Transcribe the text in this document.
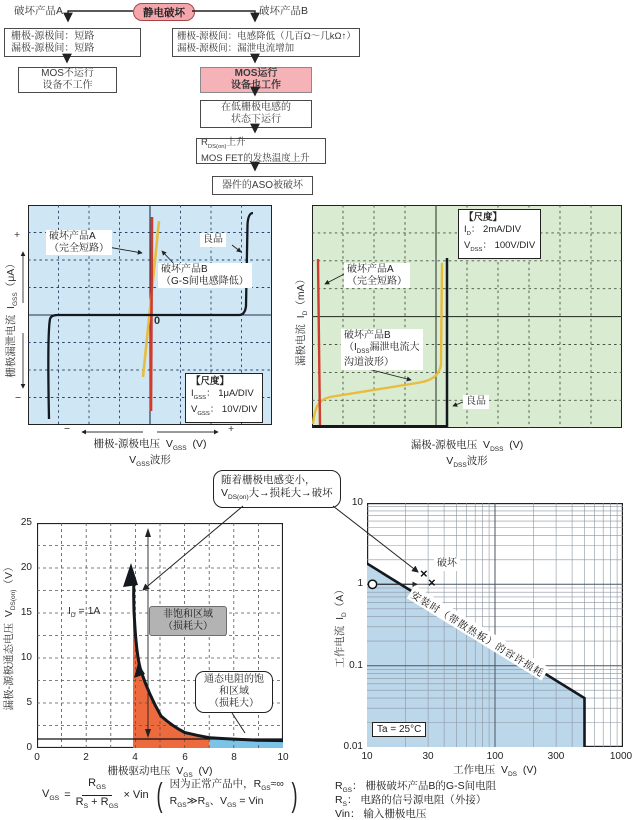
静电破坏
破坏产品A	破坏产品B
栅极-源极间：短路
漏极-源极间：短路
MOS不运行
设备不工作
栅极-源极间：电感降低（几百Ω～几kΩ↑）
漏极-源极间：漏泄电流增加
MOS运行
设备也工作
在低栅极电感的
状态下运行
$R_{DS(on)}$上升
MOS FET的发热温度上升
器件的ASO被破坏
破坏产品A
（完全短路）
破坏产品B
（G-S间电感降低）
良品
0
【尺度】
$I_{GSS}$： 1μA/DIV
$V_{GSS}$： 10V/DIV
+
−
栅极漏泄电流  $I_{GSS}(\mu A)$
−	+
栅极-源极电压  $V_{GSS}$  (V)
$V_{GSS}$波形
【尺度】
$I_D$： 2mA/DIV
$V_{DSS}$： 100V/DIV
破坏产品A
（完全短路）
破坏产品B
（$I_{DSS}$漏泄电流大
沟道波形）
良品
漏极电流  $I_D(mA)$
漏极-源极电压  $V_{DSS}$  (V)
$V_{DSS}$波形
随着栅极电感变小，
$V_{DS(on)}$大→损耗大→破坏
25
20
15
10
5
0
0	2	4	6	8	10
$I_D = 1A$	非饱和区域
（损耗大）
通态电阻的饱
和区域
（损耗大）
漏极-源极通态电压  $V_{DS(on)}(V)$
栅极驱动电压  $V_{GS}$  (V)
10
1
0.1
0.01
10	30	100	300	1000
×
×
破坏
安装时（带散热板）的容许损耗
Ta = 25°C
工作电流  $I_D(A)$
工作电压  $V_{DS}$  (V)
$V_{GS} = \frac{R_{GS}}{R_S + R_{GS}}$ × Vin ( 因为正常产品中，$R_{GS}\approx\infty$
$R_{GS}≫R_S$、$V_{GS}$ = Vin )	$R_{GS}$： 栅极破坏产品B的G-S间电阻
$R_S$： 电路的信号源电阻（外接）
Vin： 输入栅极电压
